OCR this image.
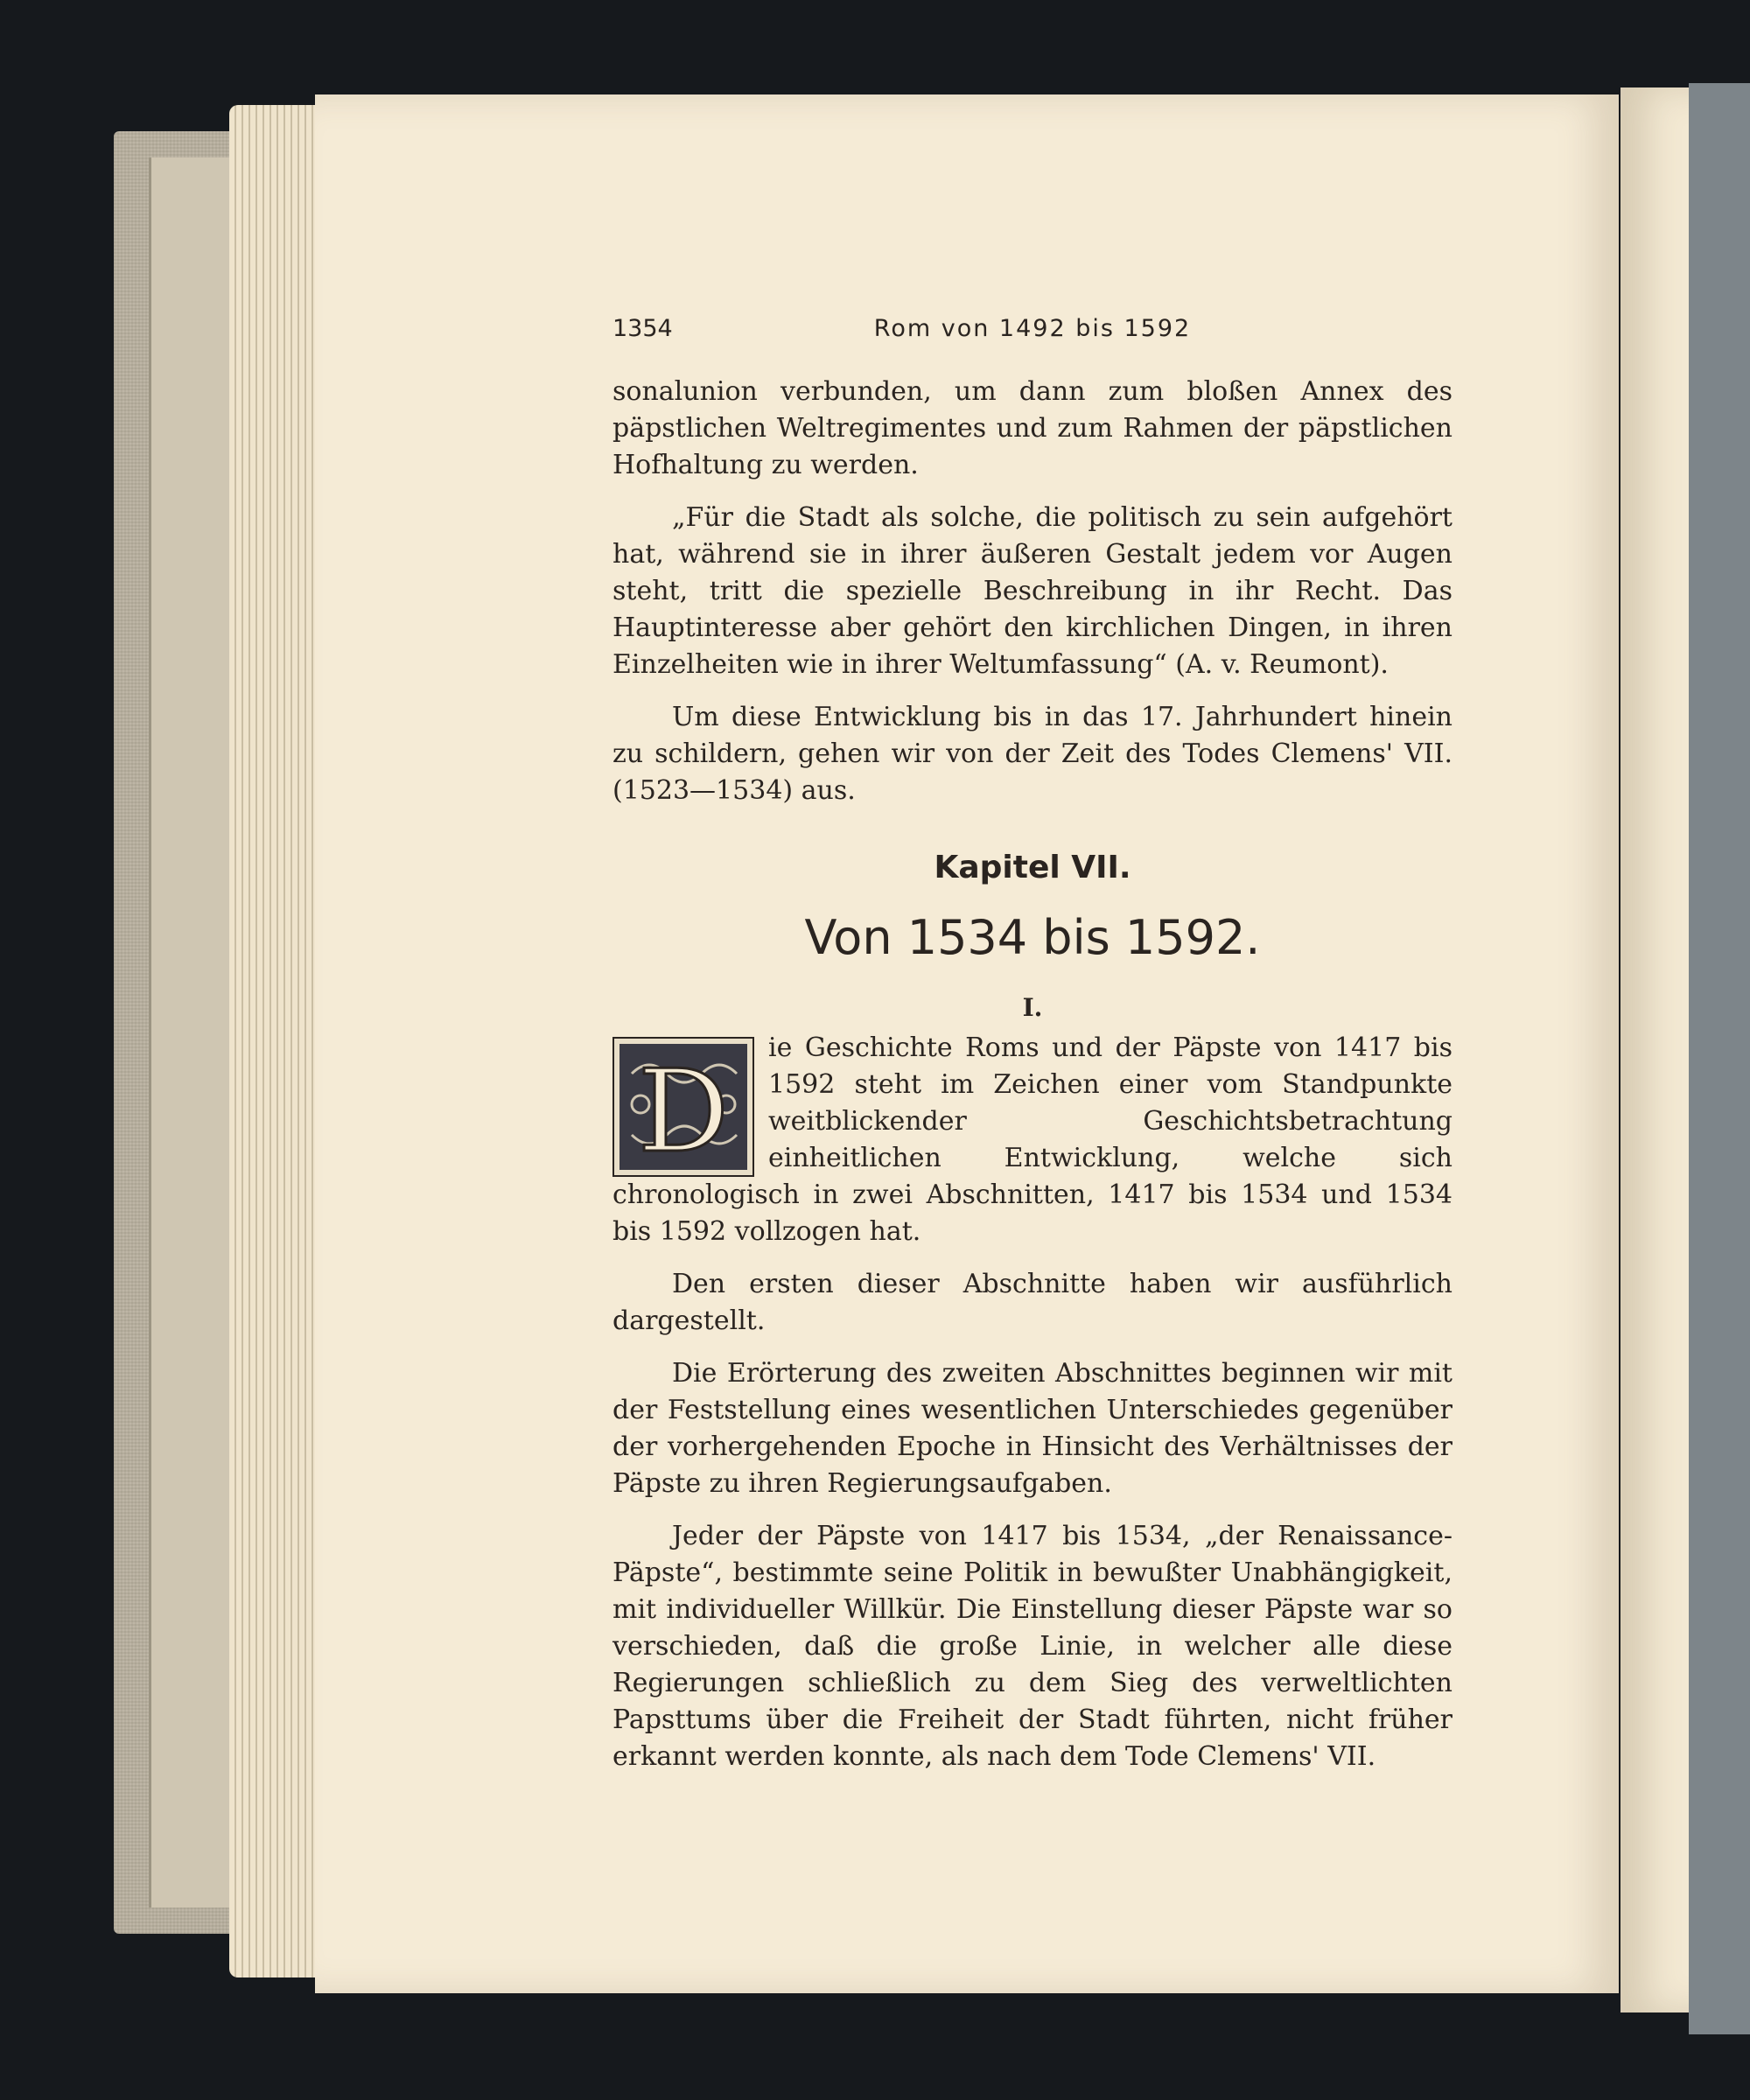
1354	Rom von 1492 bis 1592

sonalunion verbunden, um dann zum bloßen Annex des päpstlichen Weltregimentes und zum Rahmen der päpstlichen Hofhaltung zu werden.

„Für die Stadt als solche, die politisch zu sein aufgehört hat, während sie in ihrer äußeren Gestalt jedem vor Augen steht, tritt die spezielle Beschreibung in ihr Recht. Das Hauptinteresse aber gehört den kirchlichen Dingen, in ihren Einzelheiten wie in ihrer Weltumfassung“ (A. v. Reumont).

Um diese Entwicklung bis in das 17. Jahrhundert hinein zu schildern, gehen wir von der Zeit des Todes Clemens' VII. (1523—1534) aus.

Kapitel VII.
Von 1534 bis 1592.
I.
D ie Geschichte Roms und der Päpste von 1417 bis 1592 steht im Zeichen einer vom Standpunkte weitblickender Geschichtsbetrachtung einheitlichen Entwicklung, welche sich chronologisch in zwei Abschnitten, 1417 bis 1534 und 1534 bis 1592 vollzogen hat.

Den ersten dieser Abschnitte haben wir ausführlich dargestellt.

Die Erörterung des zweiten Abschnittes beginnen wir mit der Feststellung eines wesentlichen Unterschiedes gegenüber der vorhergehenden Epoche in Hinsicht des Verhältnisses der Päpste zu ihren Regierungsaufgaben.

Jeder der Päpste von 1417 bis 1534, „der Renaissance-Päpste“, bestimmte seine Politik in bewußter Unabhängigkeit, mit individueller Willkür. Die Einstellung dieser Päpste war so verschieden, daß die große Linie, in welcher alle diese Regierungen schließlich zu dem Sieg des verweltlichten Papsttums über die Freiheit der Stadt führten, nicht früher erkannt werden konnte, als nach dem Tode Clemens' VII.
